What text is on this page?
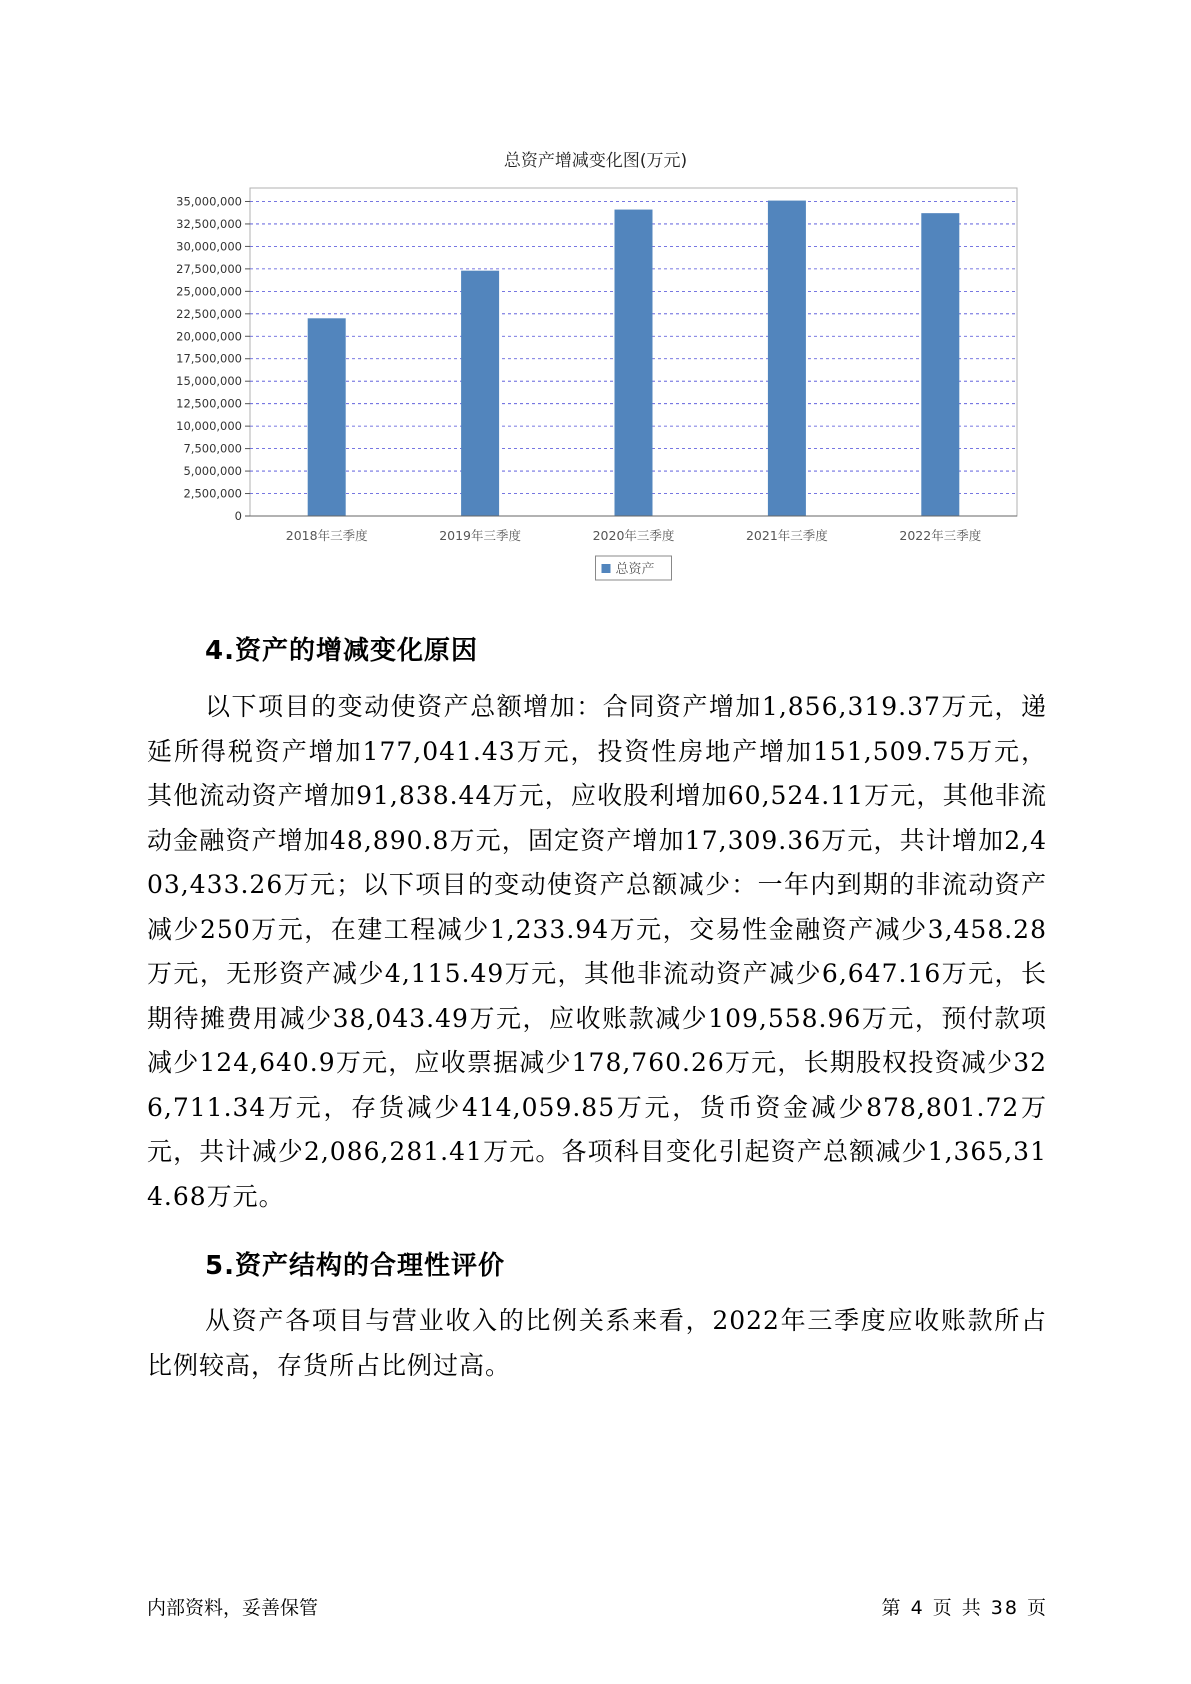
总资产增减变化图(万元)
0
2,500,000
5,000,000
7,500,000
10,000,000
12,500,000
15,000,000
17,500,000
20,000,000
22,500,000
25,000,000
27,500,000
30,000,000
32,500,000
35,000,000
2018年三季度	2019年三季度	2020年三季度	2021年三季度	2022年三季度
总资产
4.资产的增减变化原因
以下项目的变动使资产总额增加：合同资产增加1,856,319.37万元，递延所得税资产增加177,041.43万元，投资性房地产增加151,509.75万元，其他流动资产增加91,838.44万元，应收股利增加60,524.11万元，其他非流动金融资产增加48,890.8万元，固定资产增加17,309.36万元，共计增加2,403,433.26万元；以下项目的变动使资产总额减少：一年内到期的非流动资产减少250万元，在建工程减少1,233.94万元，交易性金融资产减少3,458.28万元，无形资产减少4,115.49万元，其他非流动资产减少6,647.16万元，长期待摊费用减少38,043.49万元，应收账款减少109,558.96万元，预付款项减少124,640.9万元，应收票据减少178,760.26万元，长期股权投资减少326,711.34万元，存货减少414,059.85万元，货币资金减少878,801.72万元，共计减少2,086,281.41万元。各项科目变化引起资产总额减少1,365,314.68万元。
5.资产结构的合理性评价
从资产各项目与营业收入的比例关系来看，2022年三季度应收账款所占比例较高，存货所占比例过高。
内部资料，妥善保管	第 4 页 共 38 页
